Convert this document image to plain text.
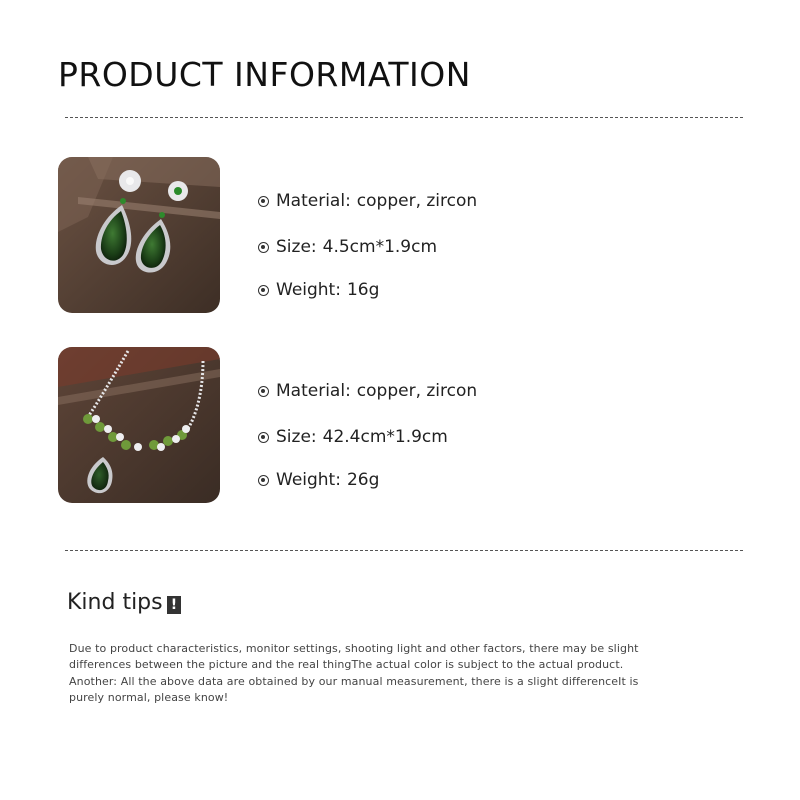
PRODUCT INFORMATION
Material: copper, zircon
Size: 4.5cm*1.9cm
Weight: 16g
Material: copper, zircon
Size: 42.4cm*1.9cm
Weight: 26g
Kind tips !
Due to product characteristics, monitor settings, shooting light and other factors, there may be slight
differences between the picture and the real thingThe actual color is subject to the actual product.
Another: All the above data are obtained by our manual measurement, there is a slight differenceIt is
purely normal, please know!
